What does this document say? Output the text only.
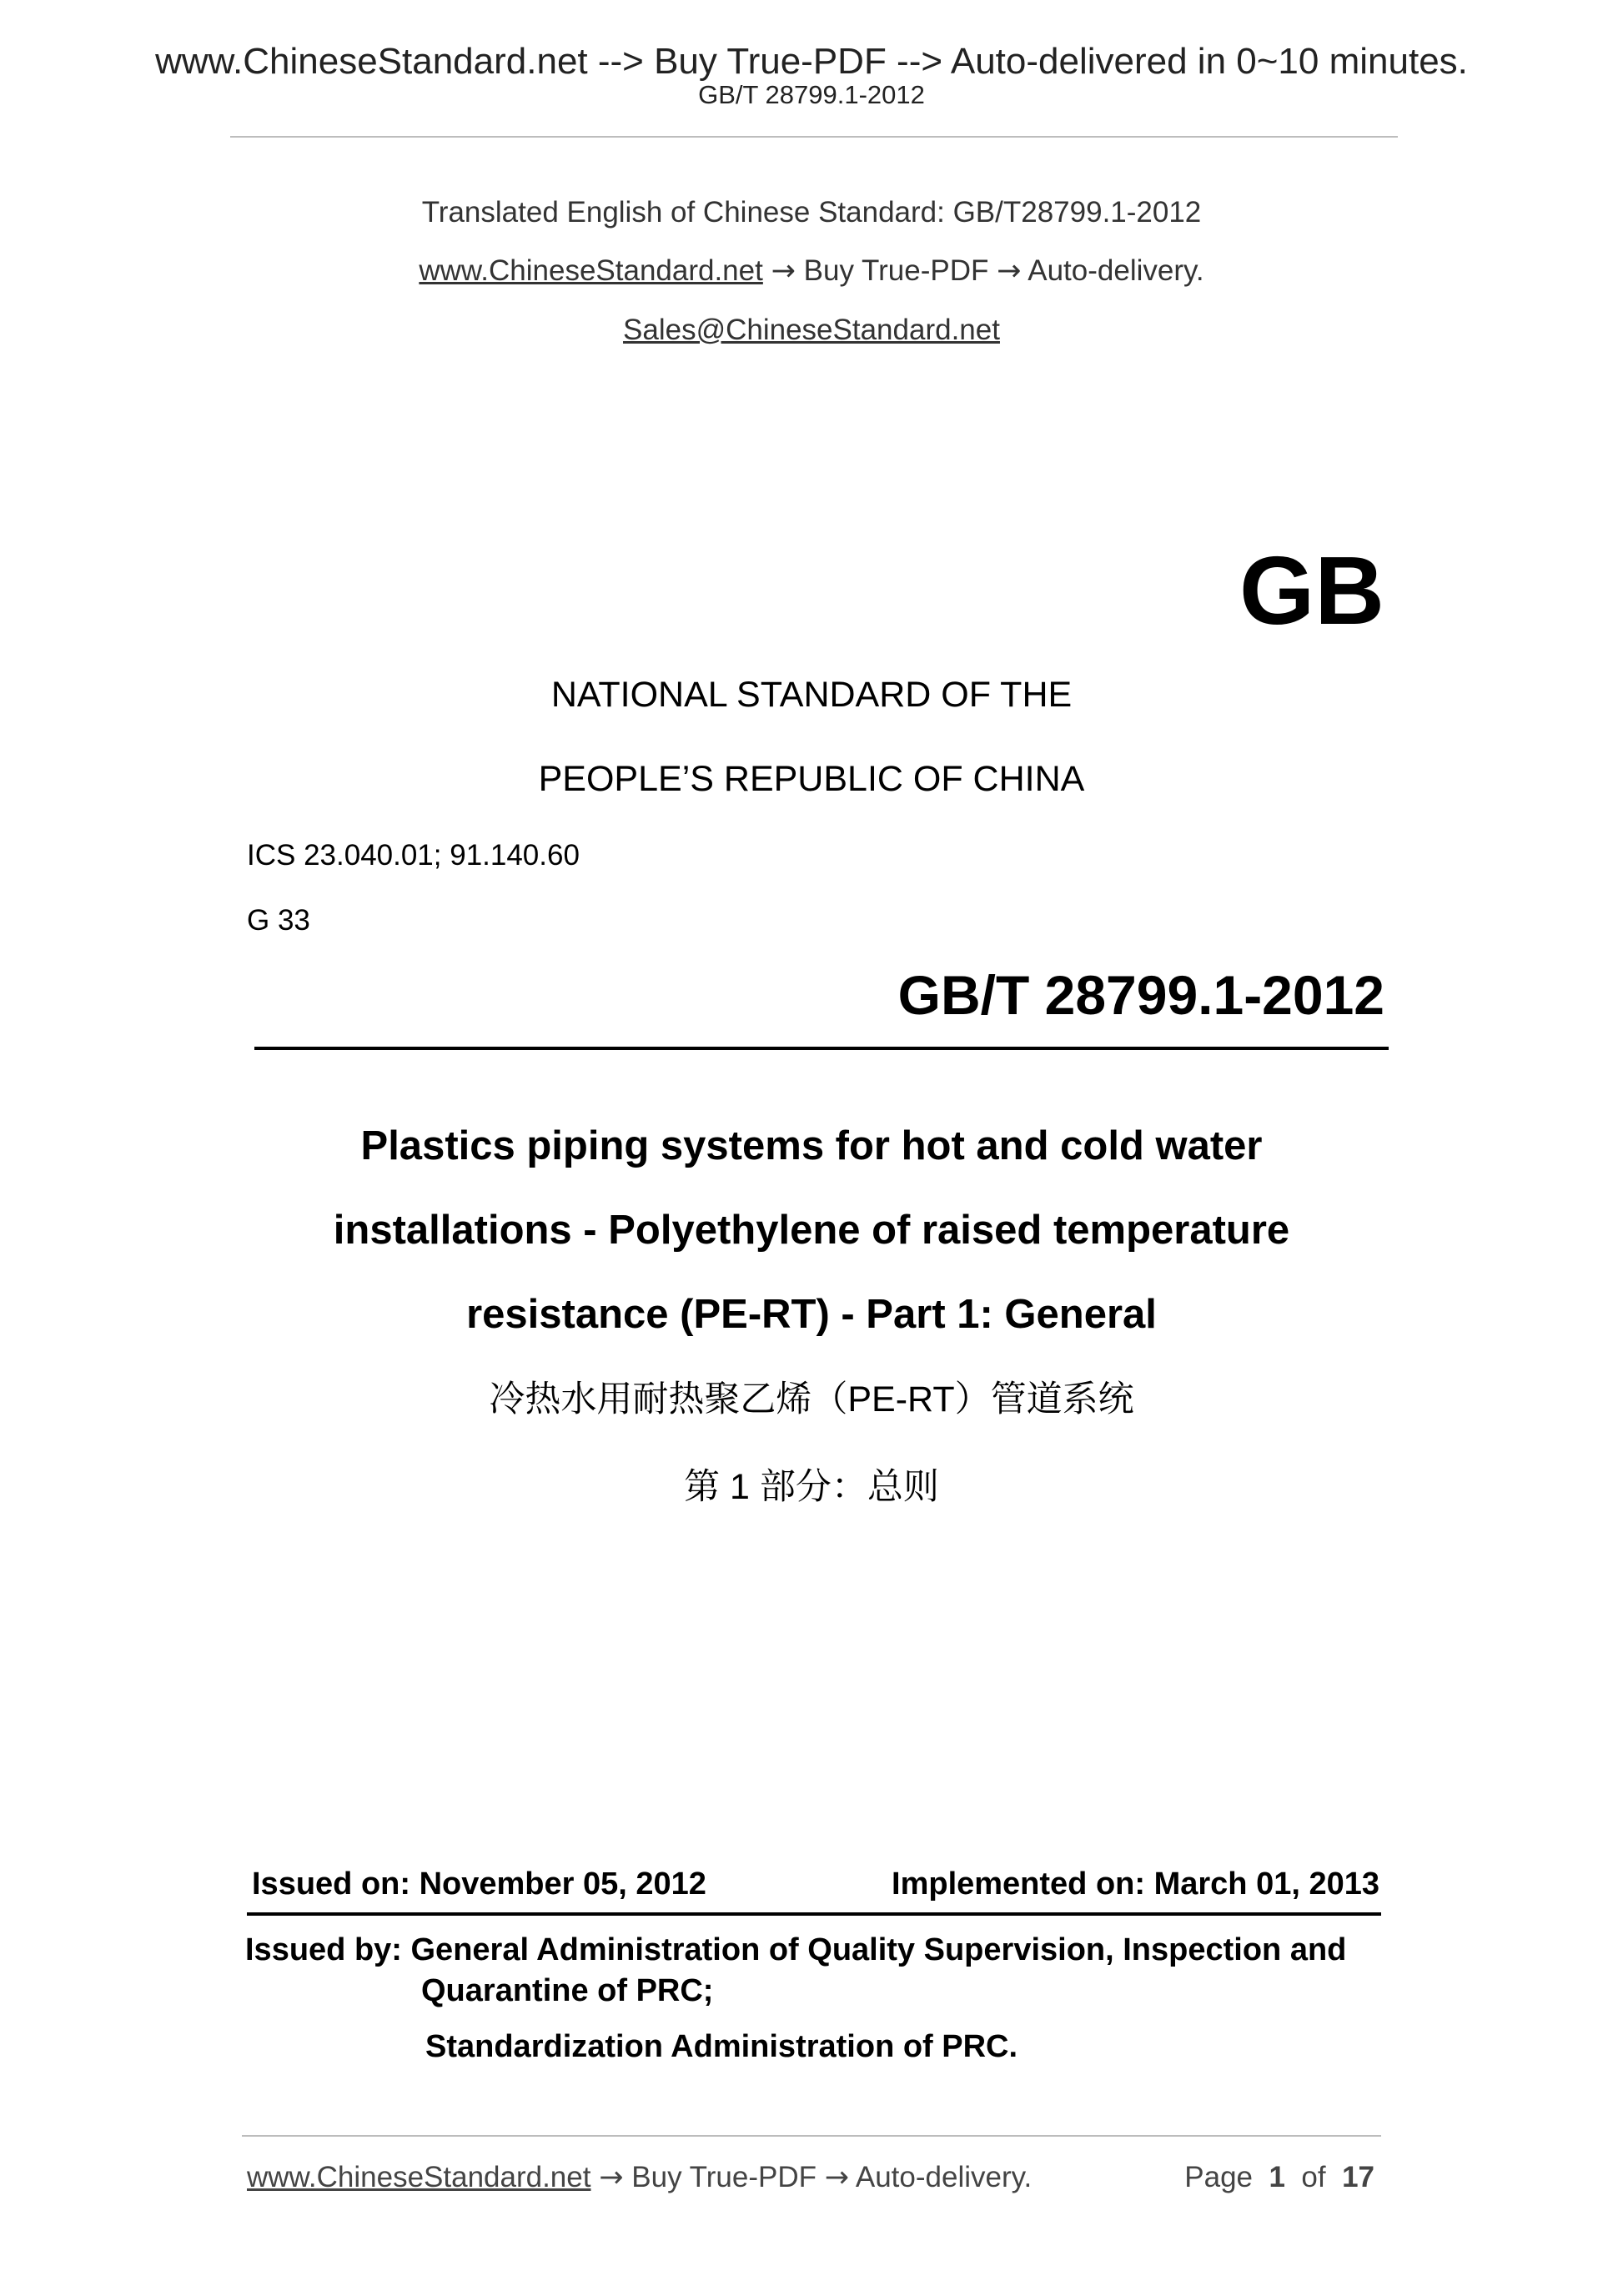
www.ChineseStandard.net --> Buy True-PDF --> Auto-delivered in 0~10 minutes.
GB/T 28799.1-2012
Translated English of Chinese Standard: GB/T28799.1-2012
www.ChineseStandard.net → Buy True-PDF → Auto-delivery.
Sales@ChineseStandard.net
GB
NATIONAL STANDARD OF THE
PEOPLE’S REPUBLIC OF CHINA
ICS 23.040.01; 91.140.60
G 33
GB/T 28799.1-2012
Plastics piping systems for hot and cold water
installations - Polyethylene of raised temperature
resistance (PE-RT) - Part 1: General
冷热水用耐热聚乙烯（PE-RT）管道系统
第 1 部分：总则
Issued on: November 05, 2012	Implemented on: March 01, 2013
Issued by: General Administration of Quality Supervision, Inspection and
Quarantine of PRC;
Standardization Administration of PRC.
www.ChineseStandard.net → Buy True-PDF → Auto-delivery.	Page 1 of 17
